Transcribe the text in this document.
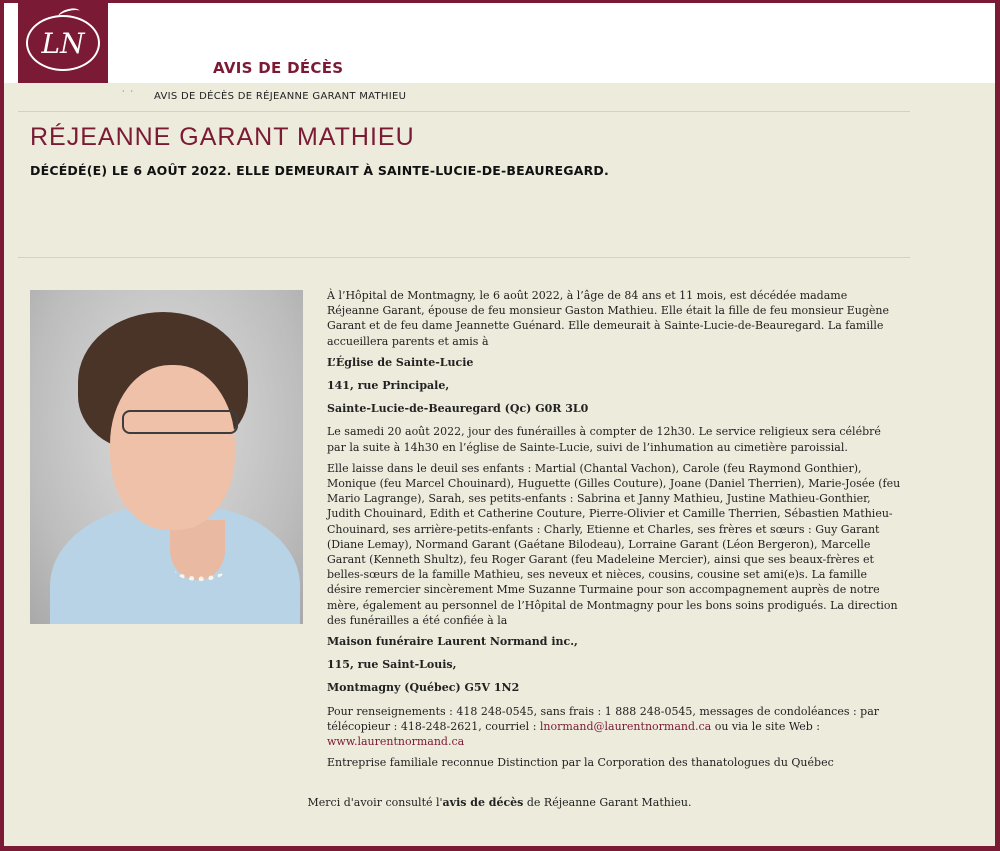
LN
AVIS DE DÉCÈS
·· AVIS DE DÉCÈS DE RÉJEANNE GARANT MATHIEU
RÉJEANNE GARANT MATHIEU
DÉCÉDÉ(E) LE 6 AOÛT 2022. ELLE DEMEURAIT À SAINTE-LUCIE-DE-BEAUREGARD.

À l’Hôpital de Montmagny, le 6 août 2022, à l’âge de 84 ans et 11 mois, est décédée madame Réjeanne Garant, épouse de feu monsieur Gaston Mathieu. Elle était la fille de feu monsieur Eugène Garant et de feu dame Jeannette Guénard. Elle demeurait à Sainte-Lucie-de-Beauregard. La famille accueillera parents et amis à

L’Église de Sainte-Lucie

141, rue Principale,

Sainte-Lucie-de-Beauregard (Qc) G0R 3L0

Le samedi 20 août 2022, jour des funérailles à compter de 12h30. Le service religieux sera célébré par la suite à 14h30 en l’église de Sainte-Lucie, suivi de l’inhumation au cimetière paroissial.

Elle laisse dans le deuil ses enfants : Martial (Chantal Vachon), Carole (feu Raymond Gonthier), Monique (feu Marcel Chouinard), Huguette (Gilles Couture), Joane (Daniel Therrien), Marie-Josée (feu Mario Lagrange), Sarah, ses petits-enfants : Sabrina et Janny Mathieu, Justine Mathieu-Gonthier, Judith Chouinard, Edith et Catherine Couture, Pierre-Olivier et Camille Therrien, Sébastien Mathieu-Chouinard, ses arrière-petits-enfants : Charly, Etienne et Charles, ses frères et sœurs : Guy Garant (Diane Lemay), Normand Garant (Gaétane Bilodeau), Lorraine Garant (Léon Bergeron), Marcelle Garant (Kenneth Shultz), feu Roger Garant (feu Madeleine Mercier), ainsi que ses beaux-frères et belles-sœurs de la famille Mathieu, ses neveux et nièces, cousins, cousine set ami(e)s. La famille désire remercier sincèrement Mme Suzanne Turmaine pour son accompagnement auprès de notre mère, également au personnel de l’Hôpital de Montmagny pour les bons soins prodigués. La direction des funérailles a été confiée à la

Maison funéraire Laurent Normand inc.,

115, rue Saint-Louis,

Montmagny (Québec) G5V 1N2

Pour renseignements : 418 248-0545, sans frais : 1 888 248-0545, messages de condoléances : par télécopieur : 418-248-2621, courriel : lnormand@laurentnormand.ca ou via le site Web : www.laurentnormand.ca

Entreprise familiale reconnue Distinction par la Corporation des thanatologues du Québec

Merci d'avoir consulté l'avis de décès de Réjeanne Garant Mathieu.
